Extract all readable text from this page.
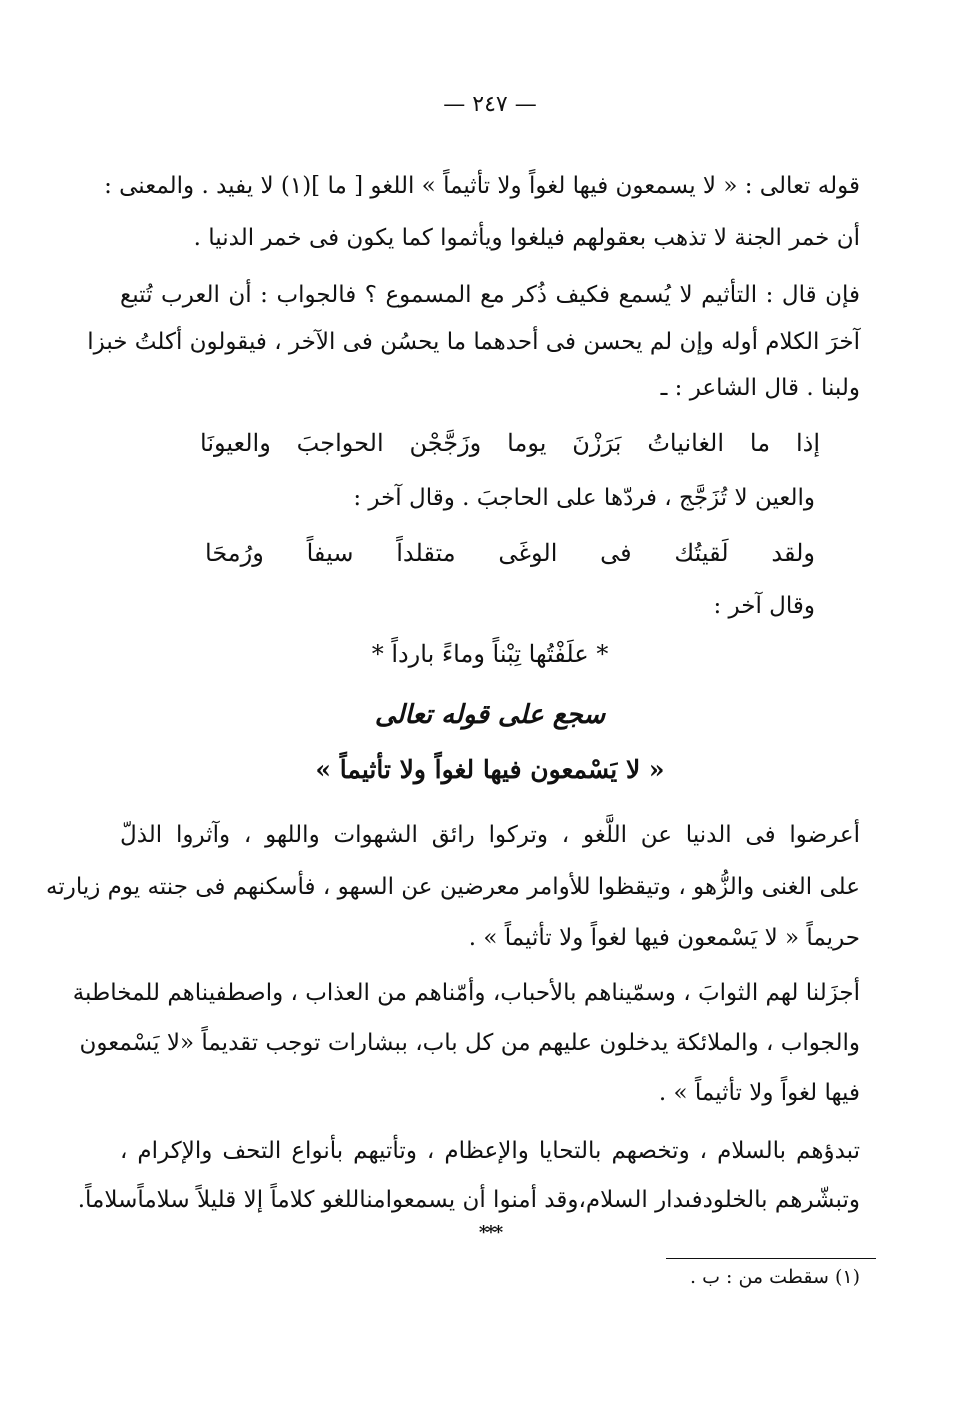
— ٢٤٧ —
قوله تعالى : « لا يسمعون فيها لغواً ولا تأثيماً » اللغو [ ما ](١) لا يفيد . والمعنى :
أن خمر الجنة لا تذهب بعقولهم فيلغوا ويأثموا كما يكون فى خمر الدنيا .
فإن قال : التأثيم لا يُسمع فكيف ذُكر مع المسموع ؟ فالجواب : أن العرب تُتبع
آخرَ الكلام أوله وإن لم يحسن فى أحدهما ما يحسُن فى الآخر ، فيقولون أكلتُ خبزا
ولبنا . قال الشاعر : ـ
إذا ما الغانياتُ بَرَزْنَ يوما وزَجَّجْن الحواجبَ والعيونَا
والعين لا تُزَجَّج ، فردّها على الحاجبَ . وقال آخر :
ولقد لَقيتُك فى الوغَى متقلداً سيفاً ورُمحَا
وقال آخر :
* علَفْتُها تِبْناً وماءً بارداً *
سجع على قوله تعالى
« لا يَسْمعون فيها لغواً ولا تأثيماً »
أعرضوا فى الدنيا عن اللَّغو ، وتركوا رائق الشهوات واللهو ، وآثروا الذلّ
على الغنى والزُّهو ، وتيقظوا للأوامر معرضين عن السهو ، فأسكنهم فى جنته يوم زيارته
حريماً « لا يَسْمعون فيها لغواً ولا تأثيماً » .
أجزَلنا لهم الثوابَ ، وسمّيناهم بالأحباب، وأمّناهم من العذاب ، واصطفيناهم للمخاطبة
والجواب ، والملائكة يدخلون عليهم من كل باب، ببشارات توجب تقديماً «لا يَسْمعون
فيها لغواً ولا تأثيماً » .
تبدؤهم بالسلام ، وتخصهم بالتحايا والإعظام ، وتأتيهم بأنواع التحف والإكرام ،
وتبشّرهم بالخلودفىدار السلام،وقد أمنوا أن يسمعوامناللغو كلاماً إلا قليلاً سلاماًسلاماً.
***
(١) سقطت من : ب .
